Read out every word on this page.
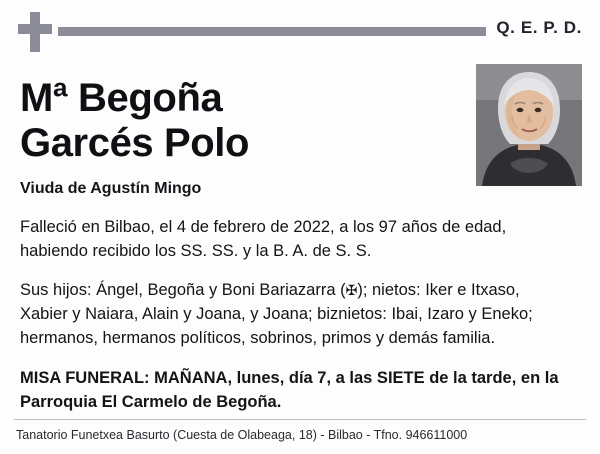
Q. E. P. D.
Mª Begoña
Garcés Polo
Viuda de Agustín Mingo
Falleció en Bilbao, el 4 de febrero de 2022, a los 97 años de edad, habiendo recibido los SS. SS. y la B. A. de S. S.
Sus hijos: Ángel, Begoña y Boni Bariazarra (✠); nietos: Iker e Itxaso, Xabier y Naiara, Alain y Joana, y Joana; biznietos: Ibai, Izaro y Eneko; hermanos, hermanos políticos, sobrinos, primos y demás familia.
MISA FUNERAL: MAÑANA, lunes, día 7, a las SIETE de la tarde, en la Parroquia El Carmelo de Begoña.
Tanatorio Funetxea Basurto (Cuesta de Olabeaga, 18) - Bilbao - Tfno. 946611000
